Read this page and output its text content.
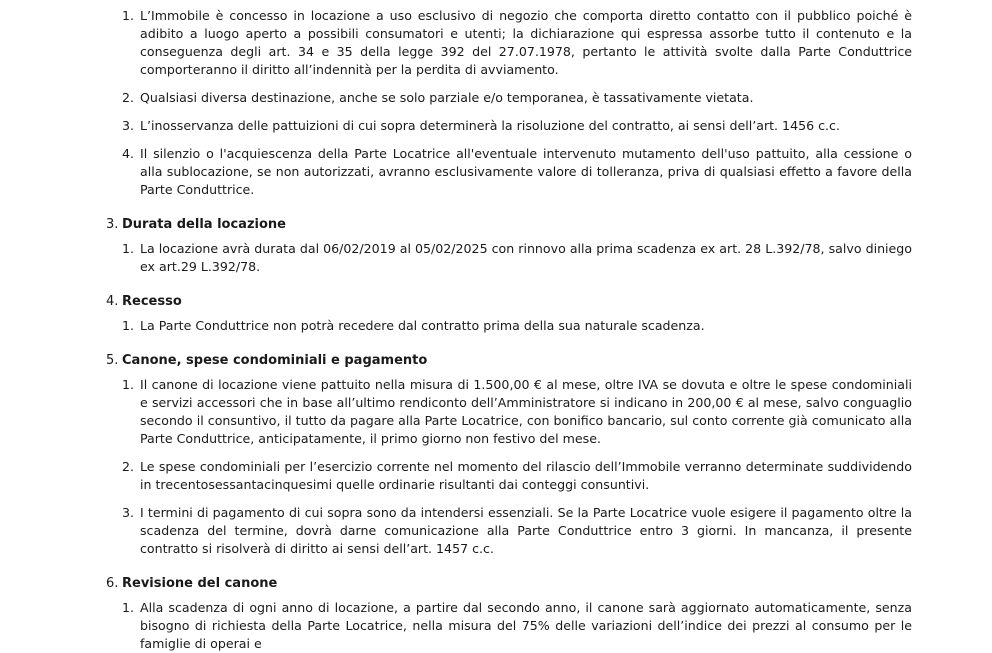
1. L’Immobile è concesso in locazione a uso esclusivo di negozio che comporta diretto contatto con il pubblico poiché è adibito a luogo aperto a possibili consumatori e utenti; la dichiarazione qui espressa assorbe tutto il contenuto e la conseguenza degli art. 34 e 35 della legge 392 del 27.07.1978, pertanto le attività svolte dalla Parte Conduttrice comporteranno il diritto all’indennità per la perdita di avviamento.
2. Qualsiasi diversa destinazione, anche se solo parziale e/o temporanea, è tassativamente vietata.
3. L’inosservanza delle pattuizioni di cui sopra determinerà la risoluzione del contratto, ai sensi dell’art. 1456 c.c.
4. Il silenzio o l'acquiescenza della Parte Locatrice all'eventuale intervenuto mutamento dell'uso pattuito, alla cessione o alla sublocazione, se non autorizzati, avranno esclusivamente valore di tolleranza, priva di qualsiasi effetto a favore della Parte Conduttrice.
3. Durata della locazione
1. La locazione avrà durata dal 06/02/2019 al 05/02/2025 con rinnovo alla prima scadenza ex art. 28 L.392/78, salvo diniego ex art.29 L.392/78.
4. Recesso
1. La Parte Conduttrice non potrà recedere dal contratto prima della sua naturale scadenza.
5. Canone, spese condominiali e pagamento
1. Il canone di locazione viene pattuito nella misura di 1.500,00 € al mese, oltre IVA se dovuta e oltre le spese condominiali e servizi accessori che in base all’ultimo rendiconto dell’Amministratore si indicano in 200,00 € al mese, salvo conguaglio secondo il consuntivo, il tutto da pagare alla Parte Locatrice, con bonifico bancario, sul conto corrente già comunicato alla Parte Conduttrice, anticipatamente, il primo giorno non festivo del mese.
2. Le spese condominiali per l’esercizio corrente nel momento del rilascio dell’Immobile verranno determinate suddividendo in trecentosessantacinquesimi quelle ordinarie risultanti dai conteggi consuntivi.
3. I termini di pagamento di cui sopra sono da intendersi essenziali. Se la Parte Locatrice vuole esigere il pagamento oltre la scadenza del termine, dovrà darne comunicazione alla Parte Conduttrice entro 3 giorni. In mancanza, il presente contratto si risolverà di diritto ai sensi dell’art. 1457 c.c.
6. Revisione del canone
1. Alla scadenza di ogni anno di locazione, a partire dal secondo anno, il canone sarà aggiornato automaticamente, senza bisogno di richiesta della Parte Locatrice, nella misura del 75% delle variazioni dell’indice dei prezzi al consumo per le famiglie di operai e
